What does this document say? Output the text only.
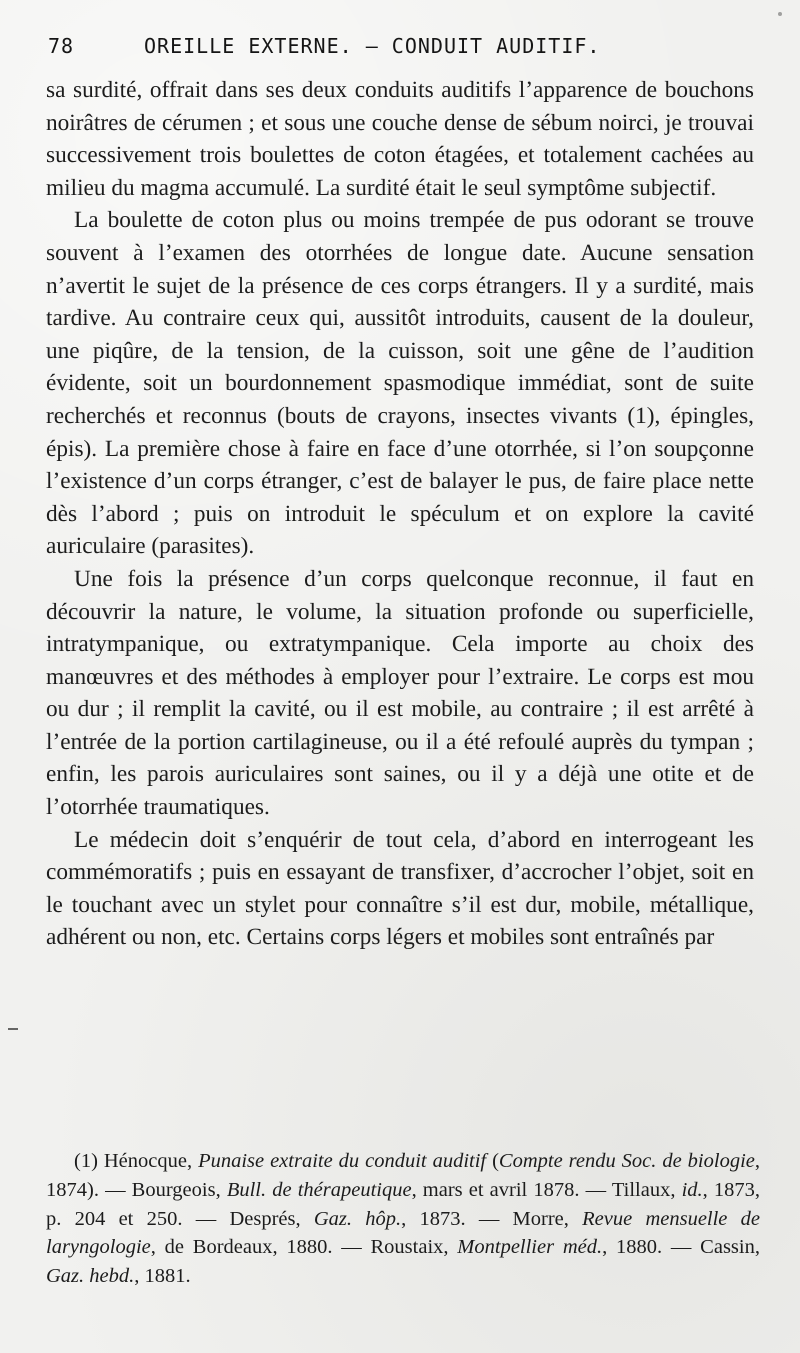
78	OREILLE EXTERNE. — CONDUIT AUDITIF.

sa surdité, offrait dans ses deux conduits auditifs l’apparence de bouchons noirâtres de cérumen ; et sous une couche dense de sébum noirci, je trouvai successivement trois boulettes de coton étagées, et totalement cachées au milieu du magma accumulé. La surdité était le seul symptôme subjectif.

La boulette de coton plus ou moins trempée de pus odorant se trouve souvent à l’examen des otorrhées de longue date. Aucune sensation n’avertit le sujet de la présence de ces corps étrangers. Il y a surdité, mais tardive. Au contraire ceux qui, aussitôt introduits, causent de la douleur, une piqûre, de la tension, de la cuisson, soit une gêne de l’audition évidente, soit un bourdonnement spasmodique immédiat, sont de suite recherchés et reconnus (bouts de crayons, insectes vivants (1), épingles, épis). La première chose à faire en face d’une otorrhée, si l’on soupçonne l’existence d’un corps étranger, c’est de balayer le pus, de faire place nette dès l’abord ; puis on introduit le spéculum et on explore la cavité auriculaire (parasites).

Une fois la présence d’un corps quelconque reconnue, il faut en découvrir la nature, le volume, la situation profonde ou superficielle, intratympanique, ou extratympanique. Cela importe au choix des manœuvres et des méthodes à employer pour l’extraire. Le corps est mou ou dur ; il remplit la cavité, ou il est mobile, au contraire ; il est arrêté à l’entrée de la portion cartilagineuse, ou il a été refoulé auprès du tympan ; enfin, les parois auriculaires sont saines, ou il y a déjà une otite et de l’otorrhée traumatiques.

Le médecin doit s’enquérir de tout cela, d’abord en interrogeant les commémoratifs ; puis en essayant de transfixer, d’accrocher l’objet, soit en le touchant avec un stylet pour connaître s’il est dur, mobile, métallique, adhérent ou non, etc. Certains corps légers et mobiles sont entraînés par

(1) Hénocque, Punaise extraite du conduit auditif (Compte rendu Soc. de biologie, 1874). — Bourgeois, Bull. de thérapeutique, mars et avril 1878. — Tillaux, id., 1873, p. 204 et 250. — Després, Gaz. hôp., 1873. — Morre, Revue mensuelle de laryngologie, de Bordeaux, 1880. — Roustaix, Montpellier méd., 1880. — Cassin, Gaz. hebd., 1881.
